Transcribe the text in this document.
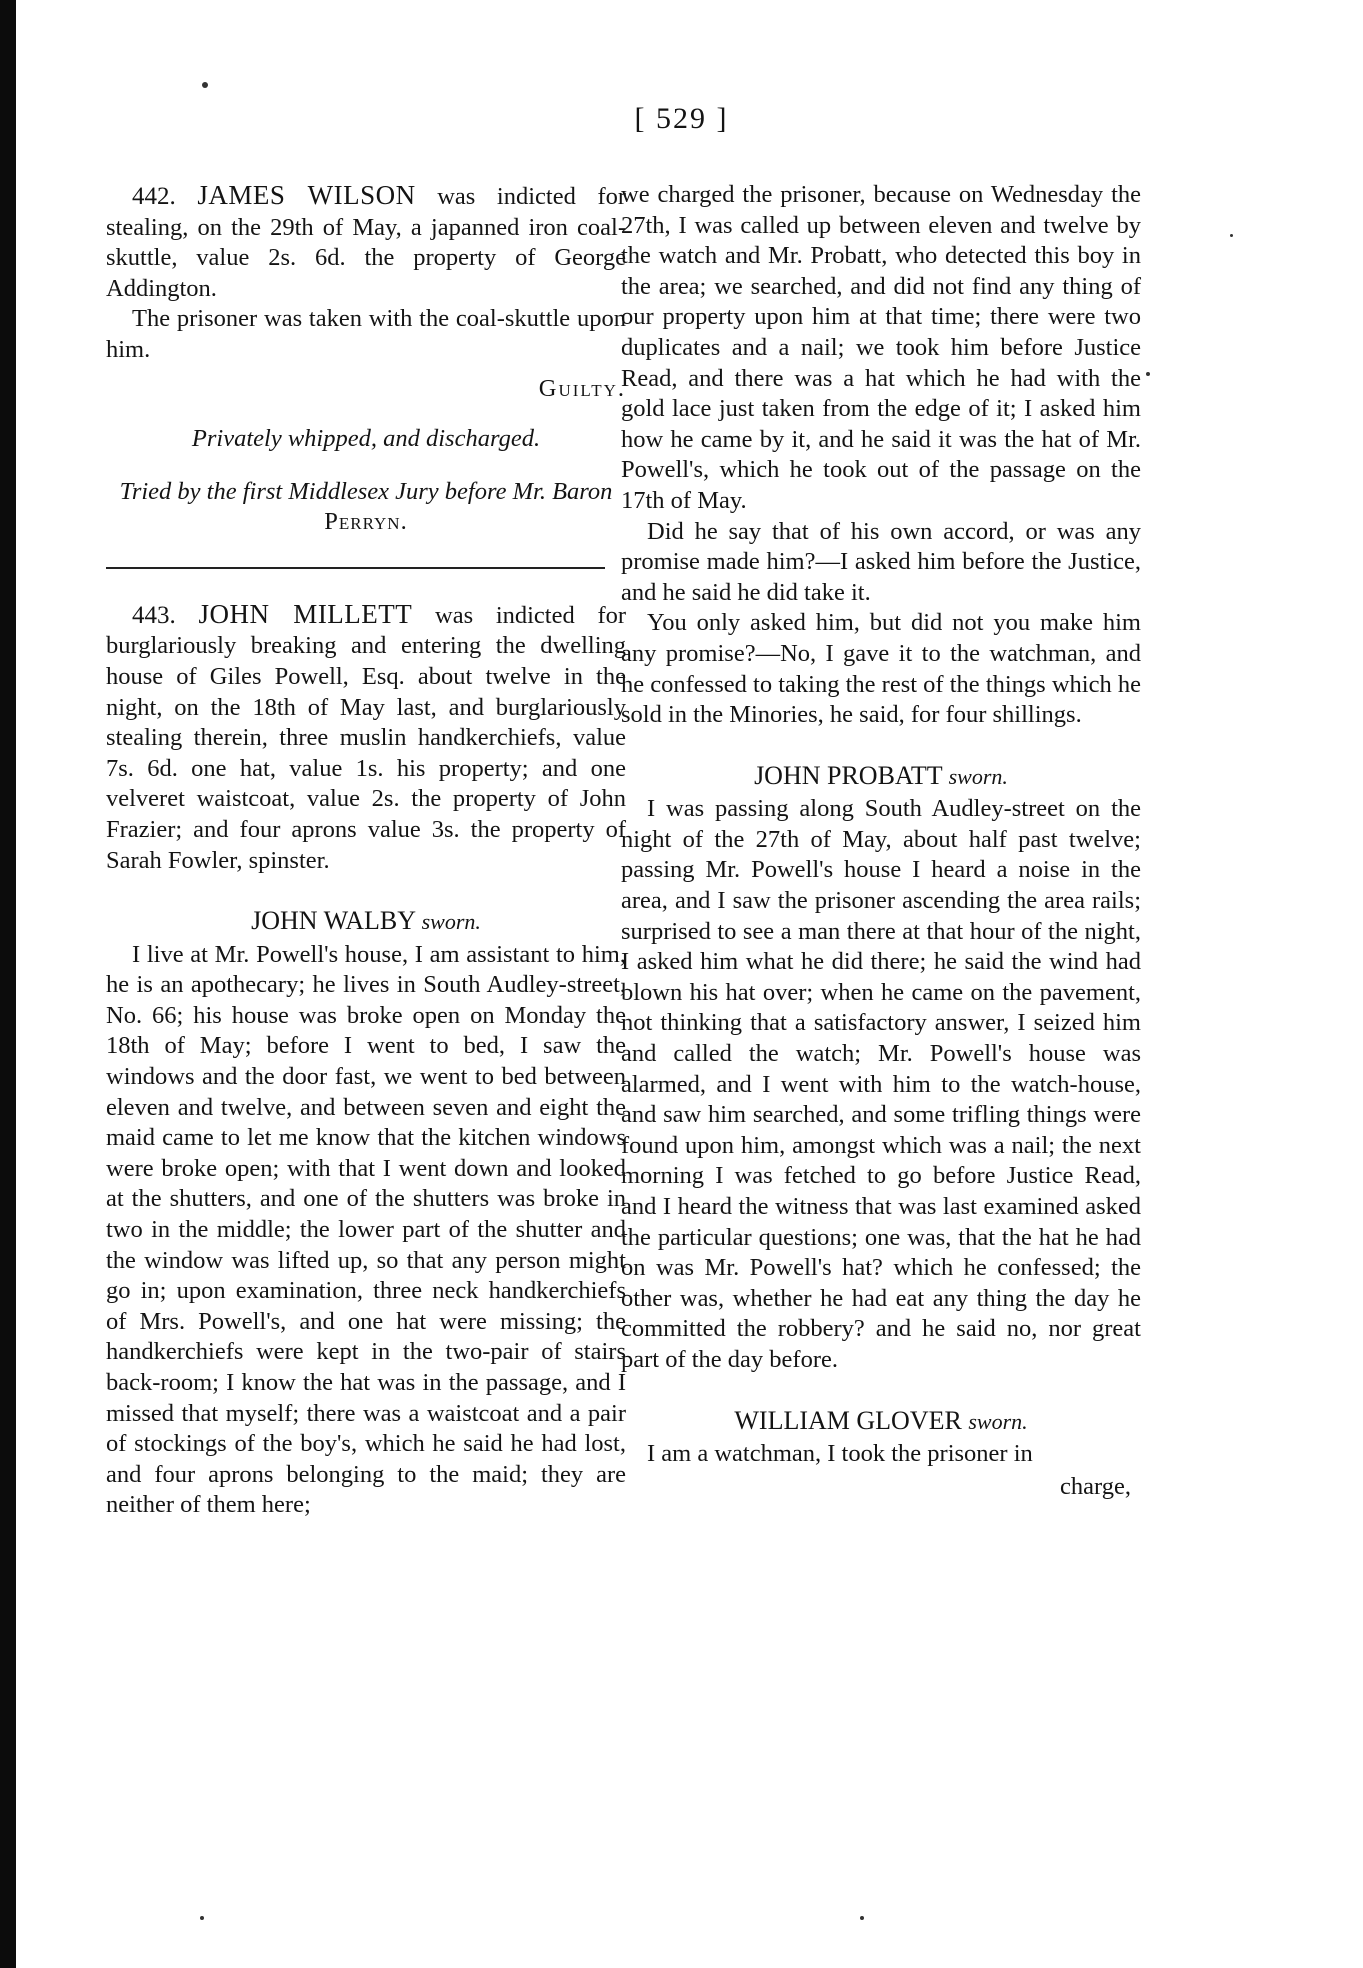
[ 529 ]

442. JAMES WILSON was indicted for stealing, on the 29th of May, a japanned iron coal-skuttle, value 2s. 6d. the property of George Addington.

The prisoner was taken with the coal-skuttle upon him.

Guilty.
Privately whipped, and discharged.
Tried by the first Middlesex Jury before Mr. Baron Perryn.

443. JOHN MILLETT was indicted for burglariously breaking and entering the dwelling house of Giles Powell, Esq. about twelve in the night, on the 18th of May last, and burglariously stealing therein, three muslin handkerchiefs, value 7s. 6d. one hat, value 1s. his property; and one velveret waistcoat, value 2s. the property of John Frazier; and four aprons value 3s. the property of Sarah Fowler, spinster.

JOHN WALBY sworn.

I live at Mr. Powell's house, I am assistant to him, he is an apothecary; he lives in South Audley-street, No. 66; his house was broke open on Monday the 18th of May; before I went to bed, I saw the windows and the door fast, we went to bed between eleven and twelve, and between seven and eight the maid came to let me know that the kitchen windows were broke open; with that I went down and looked at the shutters, and one of the shutters was broke in two in the middle; the lower part of the shutter and the window was lifted up, so that any person might go in; upon examination, three neck handkerchiefs of Mrs. Powell's, and one hat were missing; the handkerchiefs were kept in the two-pair of stairs back-room; I know the hat was in the passage, and I missed that myself; there was a waistcoat and a pair of stockings of the boy's, which he said he had lost, and four aprons belonging to the maid; they are neither of them here;

we charged the prisoner, because on Wednesday the 27th, I was called up between eleven and twelve by the watch and Mr. Probatt, who detected this boy in the area; we searched, and did not find any thing of our property upon him at that time; there were two duplicates and a nail; we took him before Justice Read, and there was a hat which he had with the gold lace just taken from the edge of it; I asked him how he came by it, and he said it was the hat of Mr. Powell's, which he took out of the passage on the 17th of May.

Did he say that of his own accord, or was any promise made him?—I asked him before the Justice, and he said he did take it.

You only asked him, but did not you make him any promise?—No, I gave it to the watchman, and he confessed to taking the rest of the things which he sold in the Minories, he said, for four shillings.

JOHN PROBATT sworn.

I was passing along South Audley-street on the night of the 27th of May, about half past twelve; passing Mr. Powell's house I heard a noise in the area, and I saw the prisoner ascending the area rails; surprised to see a man there at that hour of the night, I asked him what he did there; he said the wind had blown his hat over; when he came on the pavement, not thinking that a satisfactory answer, I seized him and called the watch; Mr. Powell's house was alarmed, and I went with him to the watch-house, and saw him searched, and some trifling things were found upon him, amongst which was a nail; the next morning I was fetched to go before Justice Read, and I heard the witness that was last examined asked the particular questions; one was, that the hat he had on was Mr. Powell's hat? which he confessed; the other was, whether he had eat any thing the day he committed the robbery? and he said no, nor great part of the day before.

WILLIAM GLOVER sworn.

I am a watchman, I took the prisoner in

charge,
